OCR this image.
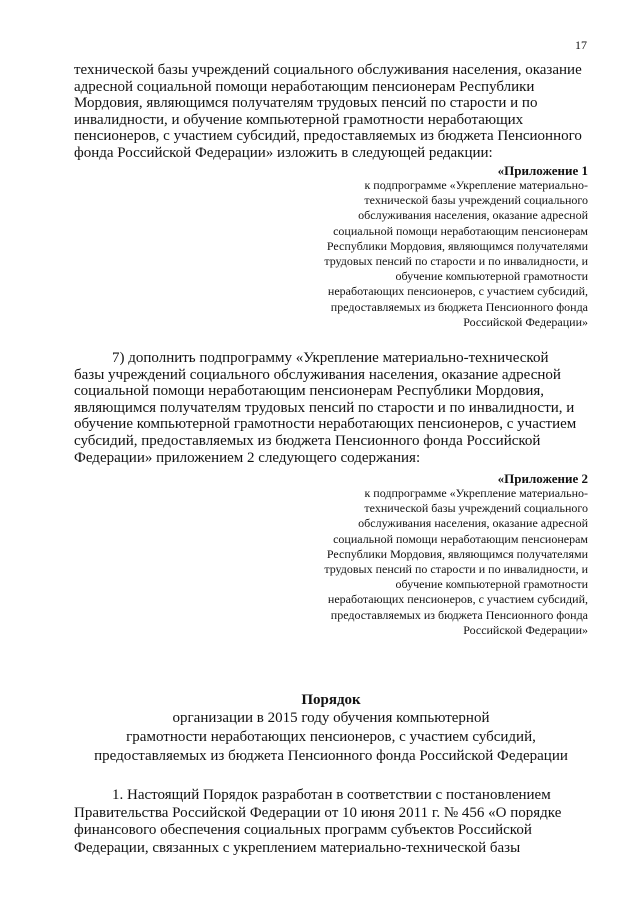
17
технической базы учреждений социального обслуживания населения, оказание
адресной социальной помощи неработающим пенсионерам Республики
Мордовия, являющимся получателям трудовых пенсий по старости и по
инвалидности, и обучение компьютерной грамотности неработающих
пенсионеров, с участием субсидий, предоставляемых из бюджета Пенсионного
фонда Российской Федерации» изложить в следующей редакции:
«Приложение 1
к подпрограмме «Укрепление материально-
технической базы учреждений социального
обслуживания населения, оказание адресной
социальной помощи неработающим пенсионерам
Республики Мордовия, являющимся получателями
трудовых пенсий по старости и по инвалидности, и
обучение компьютерной грамотности
неработающих пенсионеров, с участием субсидий,
предоставляемых из бюджета Пенсионного фонда
Российской Федерации»
7) дополнить подпрограмму «Укрепление материально-технической
базы учреждений социального обслуживания населения, оказание адресной
социальной помощи неработающим пенсионерам Республики Мордовия,
являющимся получателям трудовых пенсий по старости и по инвалидности, и
обучение компьютерной грамотности неработающих пенсионеров, с участием
субсидий, предоставляемых из бюджета Пенсионного фонда Российской
Федерации» приложением 2 следующего содержания:
«Приложение 2
к подпрограмме «Укрепление материально-
технической базы учреждений социального
обслуживания населения, оказание адресной
социальной помощи неработающим пенсионерам
Республики Мордовия, являющимся получателями
трудовых пенсий по старости и по инвалидности, и
обучение компьютерной грамотности
неработающих пенсионеров, с участием субсидий,
предоставляемых из бюджета Пенсионного фонда
Российской Федерации»
Порядок
организации в 2015 году обучения компьютерной
грамотности неработающих пенсионеров, с участием субсидий,
предоставляемых из бюджета Пенсионного фонда Российской Федерации
1. Настоящий Порядок разработан в соответствии с постановлением
Правительства Российской Федерации от 10 июня 2011 г. № 456 «О порядке
финансового обеспечения социальных программ субъектов Российской
Федерации, связанных с укреплением материально-технической базы
